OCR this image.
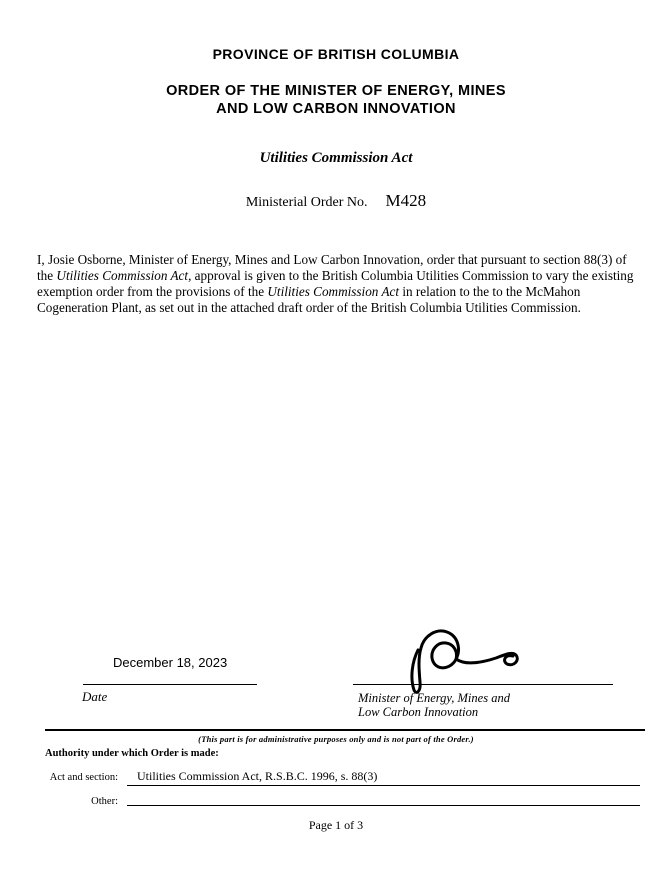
PROVINCE OF BRITISH COLUMBIA
ORDER OF THE MINISTER OF ENERGY, MINES
AND LOW CARBON INNOVATION
Utilities Commission Act
Ministerial Order No. M428
I, Josie Osborne, Minister of Energy, Mines and Low Carbon Innovation, order that pursuant to section 88(3) of the Utilities Commission Act, approval is given to the British Columbia Utilities Commission to vary the existing exemption order from the provisions of the Utilities Commission Act in relation to the to the McMahon Cogeneration Plant, as set out in the attached draft order of the British Columbia Utilities Commission.
December 18, 2023
Date	Minister of Energy, Mines and
Low Carbon Innovation
(This part is for administrative purposes only and is not part of the Order.)
Authority under which Order is made:
Act and section:	Utilities Commission Act, R.S.B.C. 1996, s. 88(3)
Other:
Page 1 of 3
